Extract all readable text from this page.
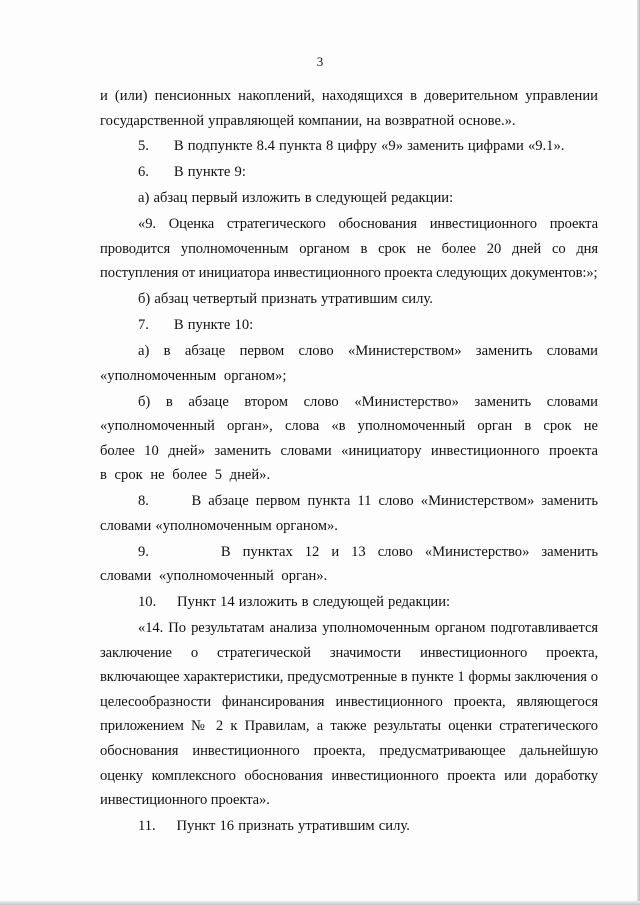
3

и (или) пенсионных накоплений, находящихся в доверительном управлении государственной управляющей компании, на возвратной основе.».

5.      В подпункте 8.4 пункта 8 цифру «9» заменить цифрами «9.1».

6.      В пункте 9:

а) абзац первый изложить в следующей редакции:

«9. Оценка стратегического обоснования инвестиционного проекта проводится уполномоченным органом в срок не более 20 дней со дня поступления от инициатора инвестиционного проекта следующих документов:»;

б) абзац четвертый признать утратившим силу.

7.      В пункте 10:

а) в абзаце первом слово «Министерством» заменить словами «уполномоченным органом»;

б) в абзаце втором слово «Министерство» заменить словами «уполномоченный орган», слова «в уполномоченный орган в срок не более 10 дней» заменить словами «инициатору инвестиционного проекта в срок не более 5 дней».

8.      В абзаце первом пункта 11 слово «Министерством» заменить словами «уполномоченным органом».

9.      В пунктах 12 и 13 слово «Министерство» заменить словами «уполномоченный орган».

10.     Пункт 14 изложить в следующей редакции:

«14. По результатам анализа уполномоченным органом подготавливается заключение о стратегической значимости инвестиционного проекта, включающее характеристики, предусмотренные в пункте 1 формы заключения о целесообразности финансирования инвестиционного проекта, являющегося приложением № 2 к Правилам, а также результаты оценки стратегического обоснования инвестиционного проекта, предусматривающее дальнейшую оценку комплексного обоснования инвестиционного проекта или доработку инвестиционного проекта».

11.     Пункт 16 признать утратившим силу.
